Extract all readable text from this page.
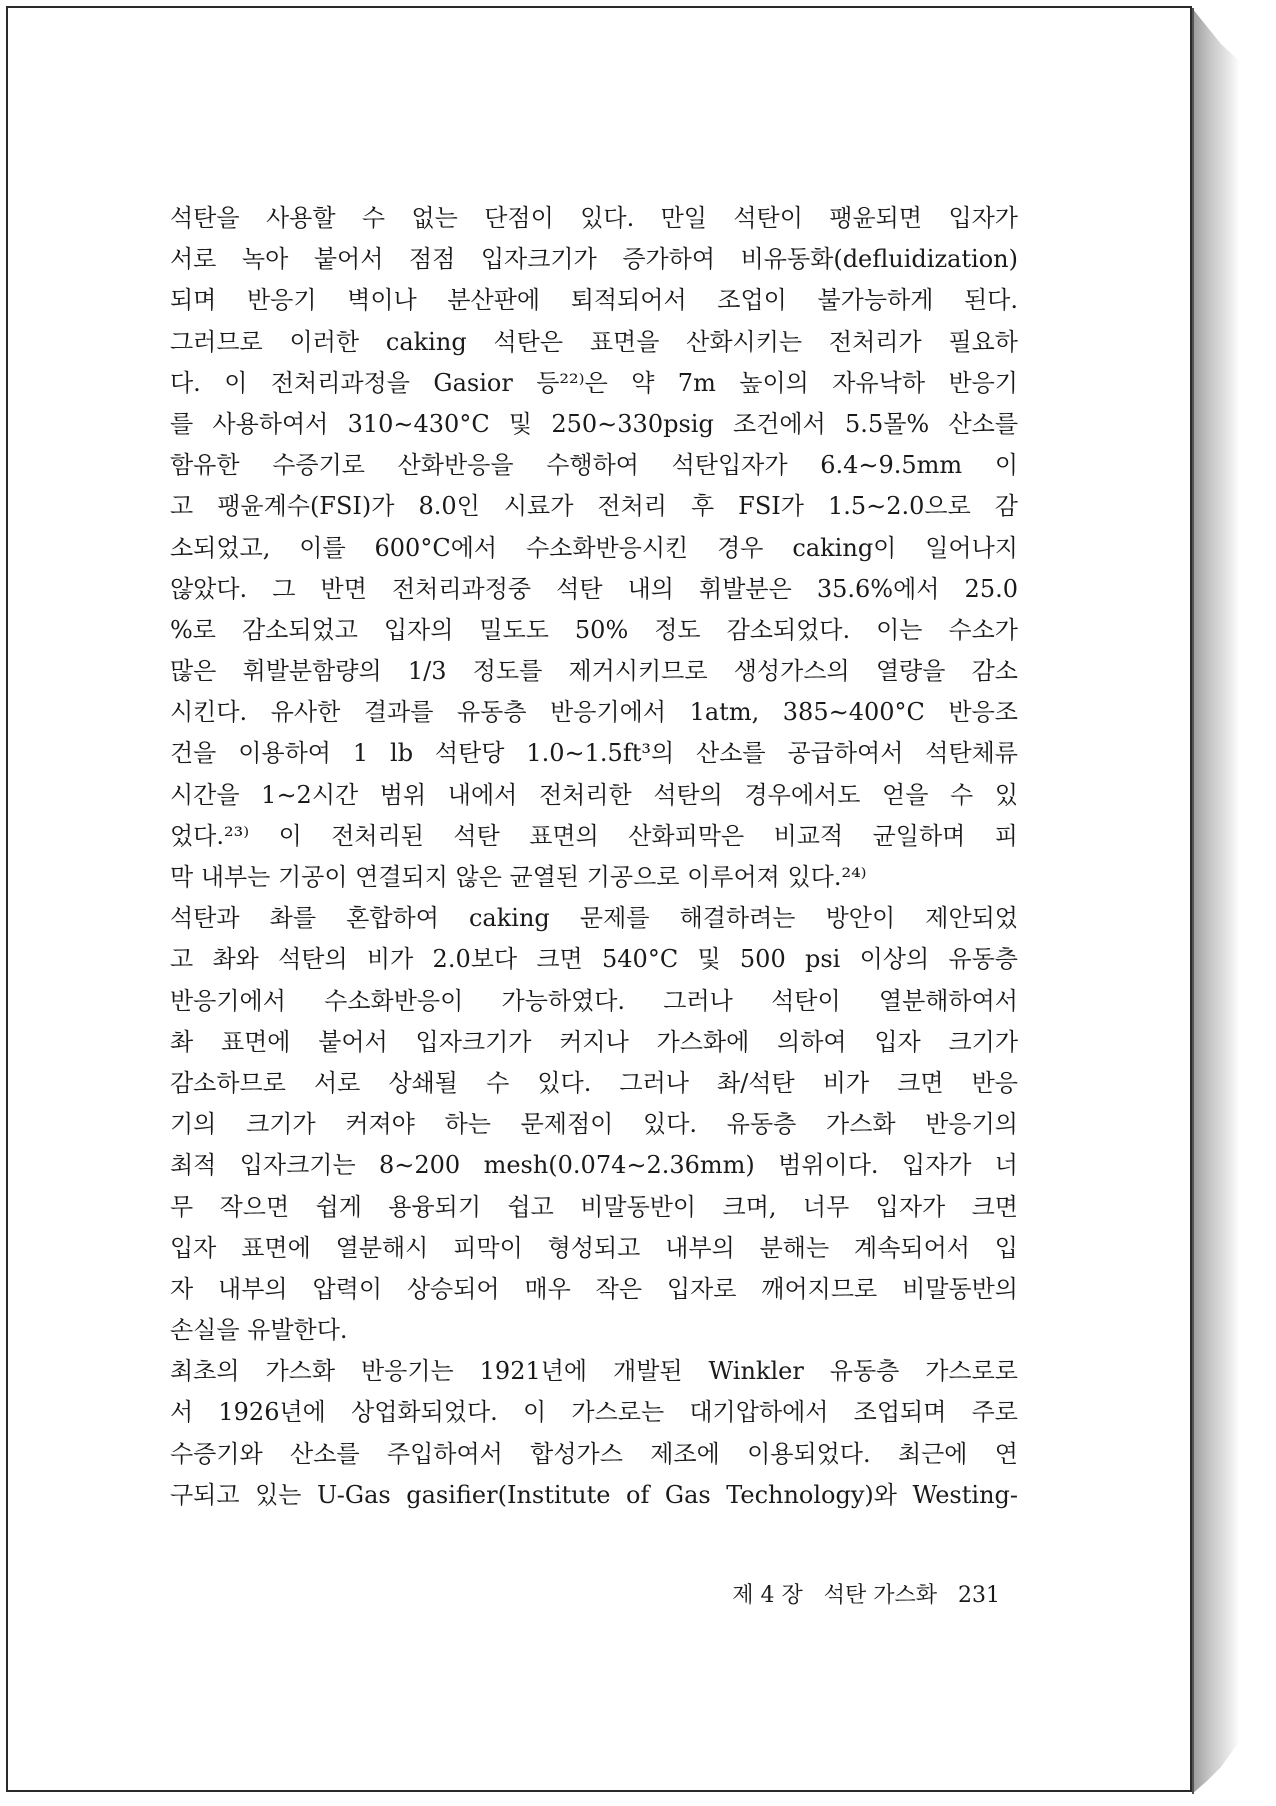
석탄을 사용할 수 없는 단점이 있다. 만일 석탄이 팽윤되면 입자가
서로 녹아 붙어서 점점 입자크기가 증가하여 비유동화(defluidization)
되며 반응기 벽이나 분산판에 퇴적되어서 조업이 불가능하게 된다.
그러므로 이러한 caking 석탄은 표면을 산화시키는 전처리가 필요하
다. 이 전처리과정을 Gasior 등²²⁾은 약 7m 높이의 자유낙하 반응기
를 사용하여서 310∼430°C 및 250∼330psig 조건에서 5.5몰% 산소를
함유한 수증기로 산화반응을 수행하여 석탄입자가 6.4∼9.5mm 이
고 팽윤계수(FSI)가 8.0인 시료가 전처리 후 FSI가 1.5∼2.0으로 감
소되었고, 이를 600°C에서 수소화반응시킨 경우 caking이 일어나지
않았다. 그 반면 전처리과정중 석탄 내의 휘발분은 35.6%에서 25.0
%로 감소되었고 입자의 밀도도 50% 정도 감소되었다. 이는 수소가
많은 휘발분함량의 1/3 정도를 제거시키므로 생성가스의 열량을 감소
시킨다. 유사한 결과를 유동층 반응기에서 1atm, 385∼400°C 반응조
건을 이용하여 1 lb 석탄당 1.0∼1.5ft³의 산소를 공급하여서 석탄체류
시간을 1∼2시간 범위 내에서 전처리한 석탄의 경우에서도 얻을 수 있
었다.²³⁾ 이 전처리된 석탄 표면의 산화피막은 비교적 균일하며 피
막 내부는 기공이 연결되지 않은 균열된 기공으로 이루어져 있다.²⁴⁾
석탄과 촤를 혼합하여 caking 문제를 해결하려는 방안이 제안되었
고 촤와 석탄의 비가 2.0보다 크면 540°C 및 500 psi 이상의 유동층
반응기에서 수소화반응이 가능하였다. 그러나 석탄이 열분해하여서
촤 표면에 붙어서 입자크기가 커지나 가스화에 의하여 입자 크기가
감소하므로 서로 상쇄될 수 있다. 그러나 촤/석탄 비가 크면 반응
기의 크기가 커져야 하는 문제점이 있다. 유동층 가스화 반응기의
최적 입자크기는 8∼200 mesh(0.074∼2.36mm) 범위이다. 입자가 너
무 작으면 쉽게 용융되기 쉽고 비말동반이 크며, 너무 입자가 크면
입자 표면에 열분해시 피막이 형성되고 내부의 분해는 계속되어서 입
자 내부의 압력이 상승되어 매우 작은 입자로 깨어지므로 비말동반의
손실을 유발한다.
최초의 가스화 반응기는 1921년에 개발된 Winkler 유동층 가스로로
서 1926년에 상업화되었다. 이 가스로는 대기압하에서 조업되며 주로
수증기와 산소를 주입하여서 합성가스 제조에 이용되었다. 최근에 연
구되고 있는 U-Gas gasifier(Institute of Gas Technology)와 Westing-
제 4 장 석탄 가스화 231
